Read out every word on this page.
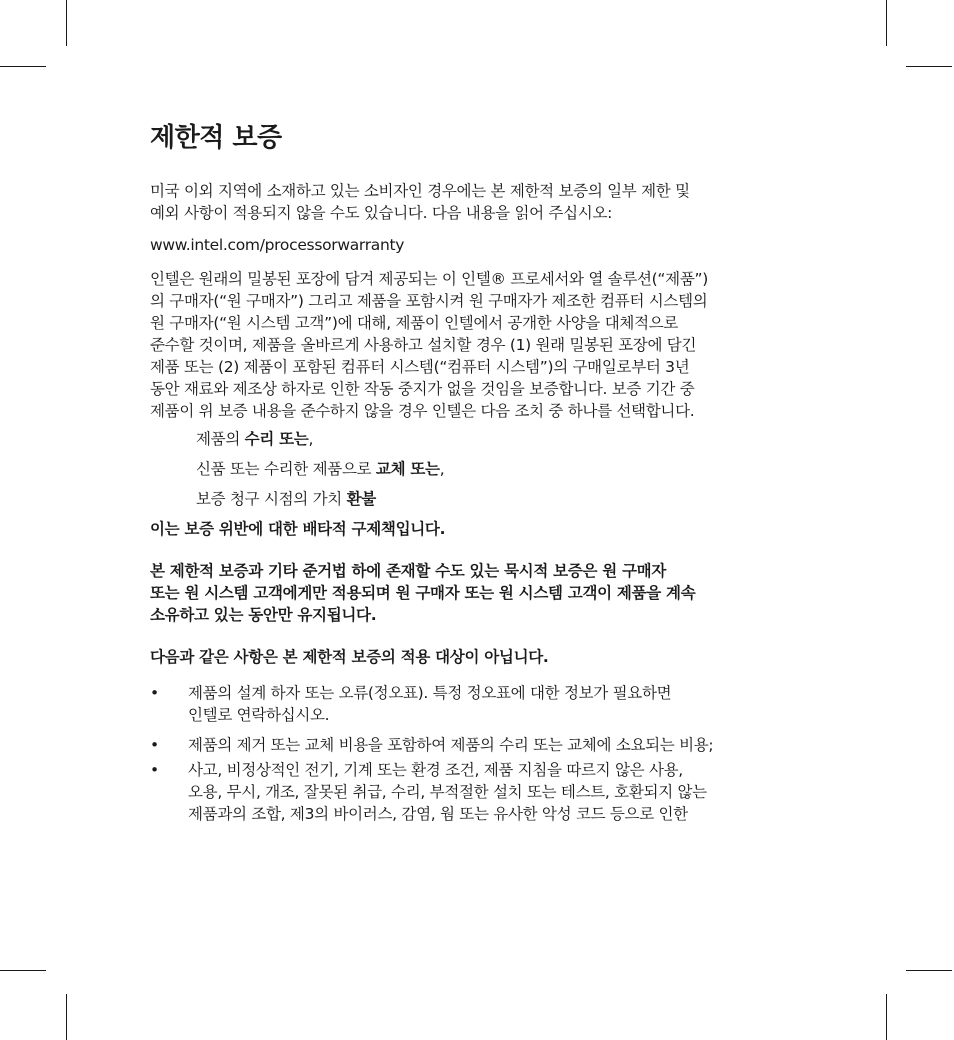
제한적 보증

미국 이외 지역에 소재하고 있는 소비자인 경우에는 본 제한적 보증의 일부 제한 및

예외 사항이 적용되지 않을 수도 있습니다. 다음 내용을 읽어 주십시오:

www.intel.com/processorwarranty

인텔은 원래의 밀봉된 포장에 담겨 제공되는 이 인텔® 프로세서와 열 솔루션(“제품”)

의 구매자(“원 구매자”) 그리고 제품을 포함시켜 원 구매자가 제조한 컴퓨터 시스템의

원 구매자(“원 시스템 고객”)에 대해, 제품이 인텔에서 공개한 사양을 대체적으로

준수할 것이며, 제품을 올바르게 사용하고 설치할 경우 (1) 원래 밀봉된 포장에 담긴

제품 또는 (2) 제품이 포함된 컴퓨터 시스템(“컴퓨터 시스템”)의 구매일로부터 3년

동안 재료와 제조상 하자로 인한 작동 중지가 없을 것임을 보증합니다. 보증 기간 중

제품이 위 보증 내용을 준수하지 않을 경우 인텔은 다음 조치 중 하나를 선택합니다.

제품의 수리 또는,

신품 또는 수리한 제품으로 교체 또는,

보증 청구 시점의 가치 환불

이는 보증 위반에 대한 배타적 구제책입니다.

본 제한적 보증과 기타 준거법 하에 존재할 수도 있는 묵시적 보증은 원 구매자

또는 원 시스템 고객에게만 적용되며 원 구매자 또는 원 시스템 고객이 제품을 계속

소유하고 있는 동안만 유지됩니다.

다음과 같은 사항은 본 제한적 보증의 적용 대상이 아닙니다.

• 제품의 설계 하자 또는 오류(정오표). 특정 정오표에 대한 정보가 필요하면
인텔로 연락하십시오.
• 제품의 제거 또는 교체 비용을 포함하여 제품의 수리 또는 교체에 소요되는 비용;
• 사고, 비정상적인 전기, 기계 또는 환경 조건, 제품 지침을 따르지 않은 사용,
오용, 무시, 개조, 잘못된 취급, 수리, 부적절한 설치 또는 테스트, 호환되지 않는
제품과의 조합, 제3의 바이러스, 감염, 웜 또는 유사한 악성 코드 등으로 인한
